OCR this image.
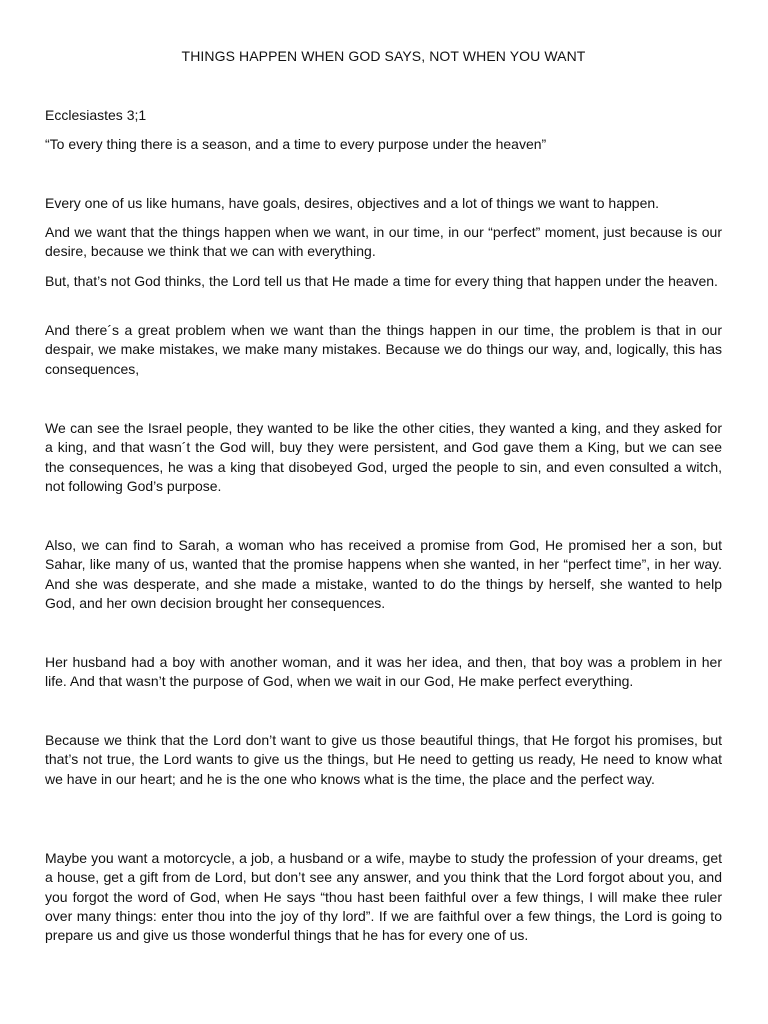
THINGS HAPPEN WHEN GOD SAYS, NOT WHEN YOU WANT
Ecclesiastes 3;1
“To every thing there is a season, and a time to every purpose under the heaven”

Every one of us like humans, have goals, desires, objectives and a lot of things we want to happen.

And we want that the things happen when we want, in our time, in our “perfect” moment, just because is our desire, because we think that we can with everything.

But, that’s not God thinks, the Lord tell us that He made a time for every thing that happen under the heaven.

And there´s a great problem when we want than the things happen in our time, the problem is that in our despair, we make mistakes, we make many mistakes. Because we do things our way, and, logically, this has consequences,

We can see the Israel people, they wanted to be like the other cities, they wanted a king, and they asked for a king, and that wasn´t the God will, buy they were persistent, and God gave them a King, but we can see the consequences, he was a king that disobeyed God, urged the people to sin, and even consulted a witch, not following God’s purpose.

Also, we can find to Sarah, a woman who has received a promise from God, He promised her a son, but Sahar, like many of us, wanted that the promise happens when she wanted, in her “perfect time”, in her way. And she was desperate, and she made a mistake, wanted to do the things by herself, she wanted to help God, and her own decision brought her consequences.

Her husband had a boy with another woman, and it was her idea, and then, that boy was a problem in her life. And that wasn’t the purpose of God, when we wait in our God, He make perfect everything.

Because we think that the Lord don’t want to give us those beautiful things, that He forgot his promises, but that’s not true, the Lord wants to give us the things, but He need to getting us ready, He need to know what we have in our heart; and he is the one who knows what is the time, the place and the perfect way.

Maybe you want a motorcycle, a job, a husband or a wife, maybe to study the profession of your dreams, get a house, get a gift from de Lord, but don’t see any answer, and you think that the Lord forgot about you, and you forgot the word of God, when He says “thou hast been faithful over a few things, I will make thee ruler over many things: enter thou into the joy of thy lord”. If we are faithful over a few things, the Lord is going to prepare us and give us those wonderful things that he has for every one of us.
